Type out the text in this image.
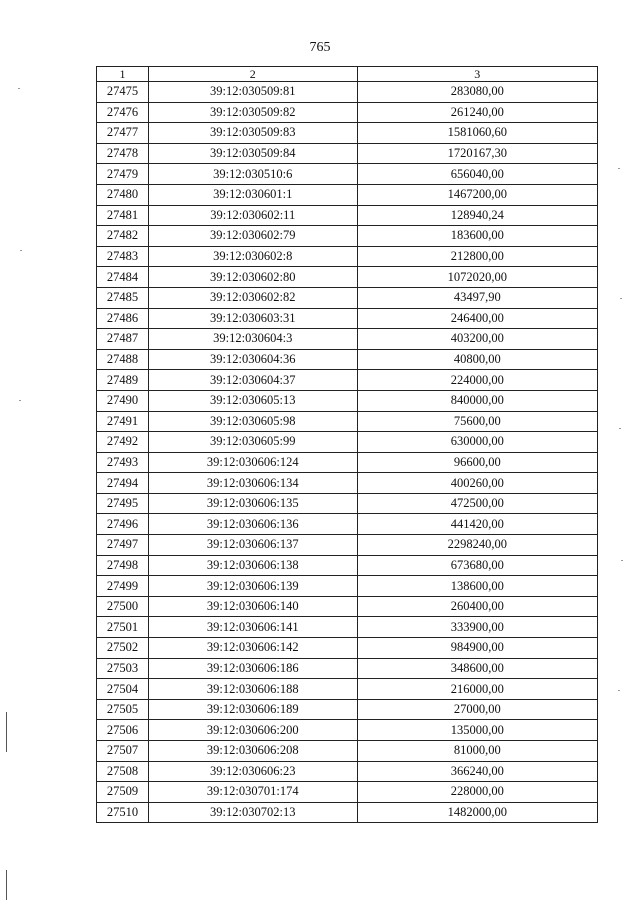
765
1	2	3
27475	39:12:030509:81	283080,00
27476	39:12:030509:82	261240,00
27477	39:12:030509:83	1581060,60
27478	39:12:030509:84	1720167,30
27479	39:12:030510:6	656040,00
27480	39:12:030601:1	1467200,00
27481	39:12:030602:11	128940,24
27482	39:12:030602:79	183600,00
27483	39:12:030602:8	212800,00
27484	39:12:030602:80	1072020,00
27485	39:12:030602:82	43497,90
27486	39:12:030603:31	246400,00
27487	39:12:030604:3	403200,00
27488	39:12:030604:36	40800,00
27489	39:12:030604:37	224000,00
27490	39:12:030605:13	840000,00
27491	39:12:030605:98	75600,00
27492	39:12:030605:99	630000,00
27493	39:12:030606:124	96600,00
27494	39:12:030606:134	400260,00
27495	39:12:030606:135	472500,00
27496	39:12:030606:136	441420,00
27497	39:12:030606:137	2298240,00
27498	39:12:030606:138	673680,00
27499	39:12:030606:139	138600,00
27500	39:12:030606:140	260400,00
27501	39:12:030606:141	333900,00
27502	39:12:030606:142	984900,00
27503	39:12:030606:186	348600,00
27504	39:12:030606:188	216000,00
27505	39:12:030606:189	27000,00
27506	39:12:030606:200	135000,00
27507	39:12:030606:208	81000,00
27508	39:12:030606:23	366240,00
27509	39:12:030701:174	228000,00
27510	39:12:030702:13	1482000,00
